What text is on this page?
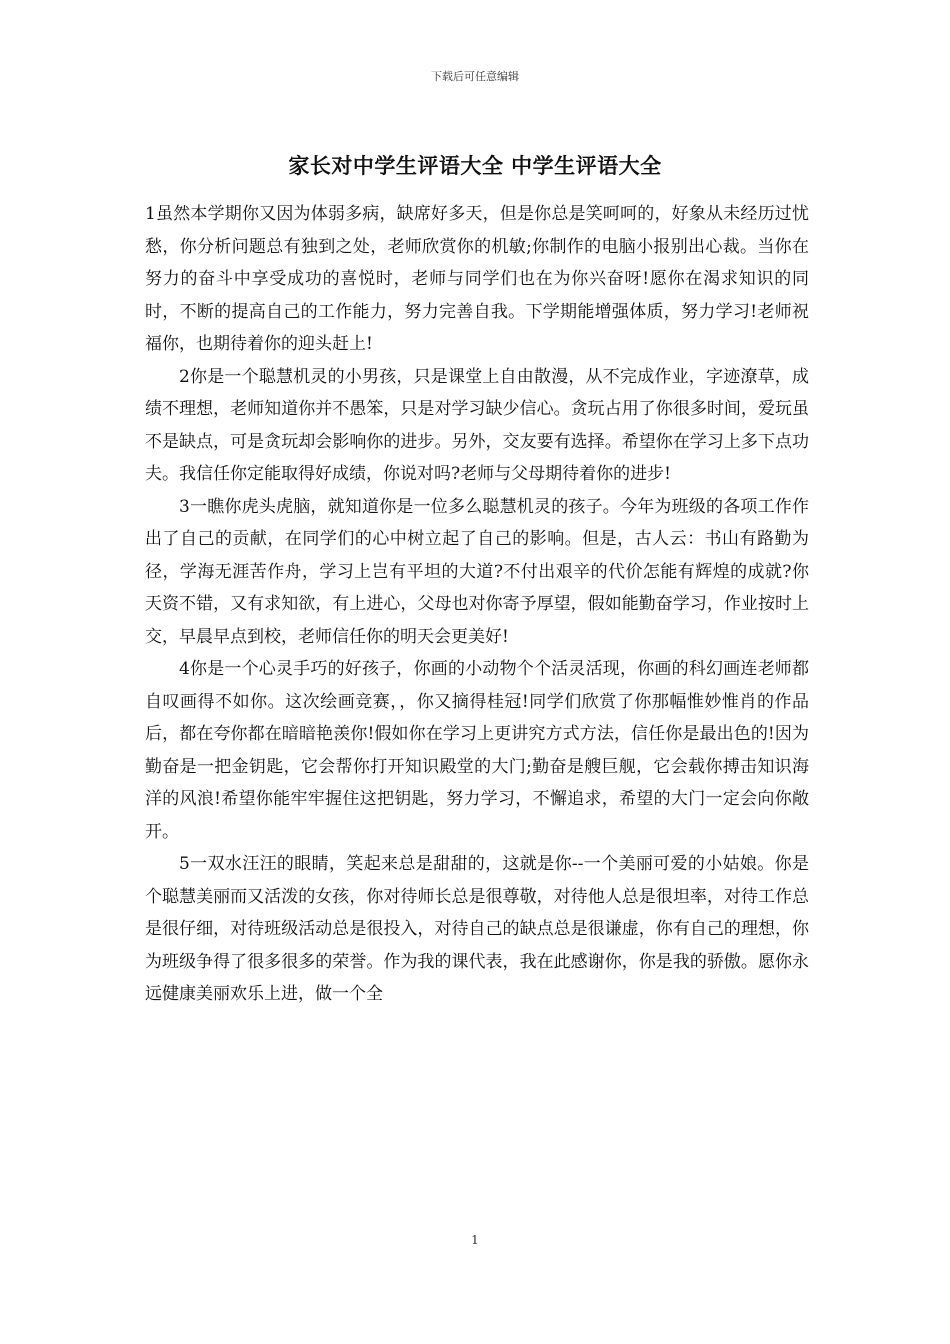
下载后可任意编辑
家长对中学生评语大全 中学生评语大全

1虽然本学期你又因为体弱多病，缺席好多天，但是你总是笑呵呵的，好象从未经历过忧愁，你分析问题总有独到之处，老师欣赏你的机敏;你制作的电脑小报别出心裁。当你在努力的奋斗中享受成功的喜悦时，老师与同学们也在为你兴奋呀!愿你在渴求知识的同时，不断的提高自己的工作能力，努力完善自我。下学期能增强体质，努力学习!老师祝福你，也期待着你的迎头赶上!

2你是一个聪慧机灵的小男孩，只是课堂上自由散漫，从不完成作业，字迹潦草，成绩不理想，老师知道你并不愚笨，只是对学习缺少信心。贪玩占用了你很多时间，爱玩虽不是缺点，可是贪玩却会影响你的进步。另外，交友要有选择。希望你在学习上多下点功夫。我信任你定能取得好成绩，你说对吗?老师与父母期待着你的进步!

3一瞧你虎头虎脑，就知道你是一位多么聪慧机灵的孩子。今年为班级的各项工作作出了自己的贡献，在同学们的心中树立起了自己的影响。但是，古人云：书山有路勤为径，学海无涯苦作舟，学习上岂有平坦的大道?不付出艰辛的代价怎能有辉煌的成就?你天资不错，又有求知欲，有上进心，父母也对你寄予厚望，假如能勤奋学习，作业按时上交，早晨早点到校，老师信任你的明天会更美好!

4你是一个心灵手巧的好孩子，你画的小动物个个活灵活现，你画的科幻画连老师都自叹画得不如你。这次绘画竞赛，，你又摘得桂冠!同学们欣赏了你那幅惟妙惟肖的作品后，都在夸你都在暗暗艳羡你!假如你在学习上更讲究方式方法，信任你是最出色的!因为勤奋是一把金钥匙，它会帮你打开知识殿堂的大门;勤奋是艘巨舰，它会载你搏击知识海洋的风浪!希望你能牢牢握住这把钥匙，努力学习，不懈追求，希望的大门一定会向你敞开。

5一双水汪汪的眼睛，笑起来总是甜甜的，这就是你--一个美丽可爱的小姑娘。你是个聪慧美丽而又活泼的女孩，你对待师长总是很尊敬，对待他人总是很坦率，对待工作总是很仔细，对待班级活动总是很投入，对待自己的缺点总是很谦虚，你有自己的理想，你为班级争得了很多很多的荣誉。作为我的课代表，我在此感谢你，你是我的骄傲。愿你永远健康美丽欢乐上进，做一个全

1
